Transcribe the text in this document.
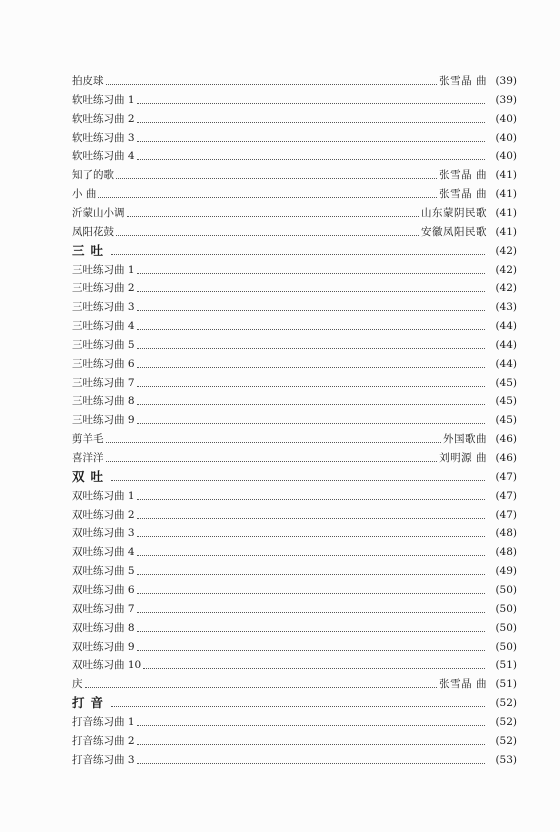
拍皮球	张雪晶 曲 (39)
软吐练习曲 1	(39)
软吐练习曲 2	(40)
软吐练习曲 3	(40)
软吐练习曲 4	(40)
知了的歌	张雪晶 曲 (41)
小 曲	张雪晶 曲 (41)
沂蒙山小调	山东蒙阴民歌 (41)
凤阳花鼓	安徽凤阳民歌 (41)
三吐	(42)
三吐练习曲 1	(42)
三吐练习曲 2	(42)
三吐练习曲 3	(43)
三吐练习曲 4	(44)
三吐练习曲 5	(44)
三吐练习曲 6	(44)
三吐练习曲 7	(45)
三吐练习曲 8	(45)
三吐练习曲 9	(45)
剪羊毛	外国歌曲 (46)
喜洋洋	刘明源 曲 (46)
双吐	(47)
双吐练习曲 1	(47)
双吐练习曲 2	(47)
双吐练习曲 3	(48)
双吐练习曲 4	(48)
双吐练习曲 5	(49)
双吐练习曲 6	(50)
双吐练习曲 7	(50)
双吐练习曲 8	(50)
双吐练习曲 9	(50)
双吐练习曲 10	(51)
庆	张雪晶 曲 (51)
打音	(52)
打音练习曲 1	(52)
打音练习曲 2	(52)
打音练习曲 3	(53)
